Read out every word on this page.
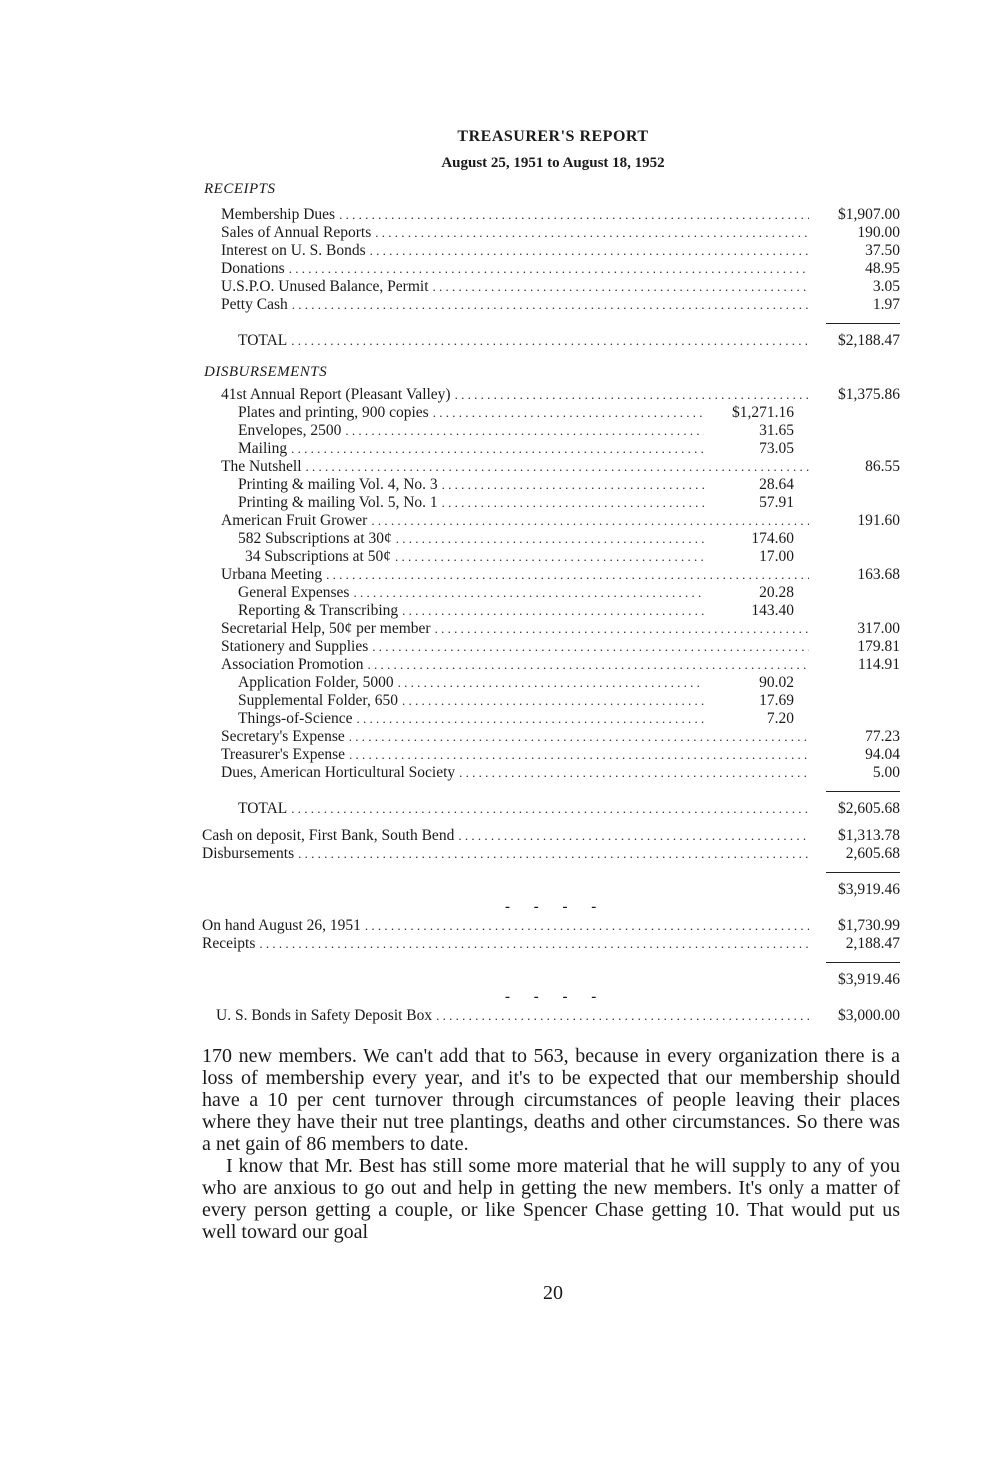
TREASURER'S REPORT
August 25, 1951 to August 18, 1952
RECEIPTS
Membership Dues . . .	$1,907.00
Sales of Annual Reports . . .	190.00
Interest on U. S. Bonds . . .	37.50
Donations . . .	48.95
U.S.P.O. Unused Balance, Permit . . .	3.05
Petty Cash . . .	1.97
TOTAL . . .	$2,188.47
DISBURSEMENTS
41st Annual Report (Pleasant Valley) . . .	$1,375.86
Plates and printing, 900 copies . . .	$1,271.16
Envelopes, 2500 . . .	31.65
Mailing . . .	73.05
The Nutshell . . .	86.55
Printing & mailing Vol. 4, No. 3 . . .	28.64
Printing & mailing Vol. 5, No. 1 . . .	57.91
American Fruit Grower . . .	191.60
582 Subscriptions at 30¢ . . .	174.60
34 Subscriptions at 50¢ . . .	17.00
Urbana Meeting . . .	163.68
General Expenses . . .	20.28
Reporting & Transcribing . . .	143.40
Secretarial Help, 50¢ per member . . .	317.00
Stationery and Supplies . . .	179.81
Association Promotion . . .	114.91
Application Folder, 5000 . . .	90.02
Supplemental Folder, 650 . . .	17.69
Things-of-Science . . .	7.20
Secretary's Expense . . .	77.23
Treasurer's Expense . . .	94.04
Dues, American Horticultural Society . . .	5.00
TOTAL . . .	$2,605.68
Cash on deposit, First Bank, South Bend . . .	$1,313.78
Disbursements . . .	2,605.68
$3,919.46
- - - -
On hand August 26, 1951 . . .	$1,730.99
Receipts . . .	2,188.47
$3,919.46
- - - -
U. S. Bonds in Safety Deposit Box . . .	$3,000.00

170 new members. We can't add that to 563, because in every organization there is a loss of membership every year, and it's to be expected that our membership should have a 10 per cent turnover through circumstances of people leaving their places where they have their nut tree plantings, deaths and other circumstances. So there was a net gain of 86 members to date.

I know that Mr. Best has still some more material that he will supply to any of you who are anxious to go out and help in getting the new members. It's only a matter of every person getting a couple, or like Spencer Chase getting 10. That would put us well toward our goal

20
